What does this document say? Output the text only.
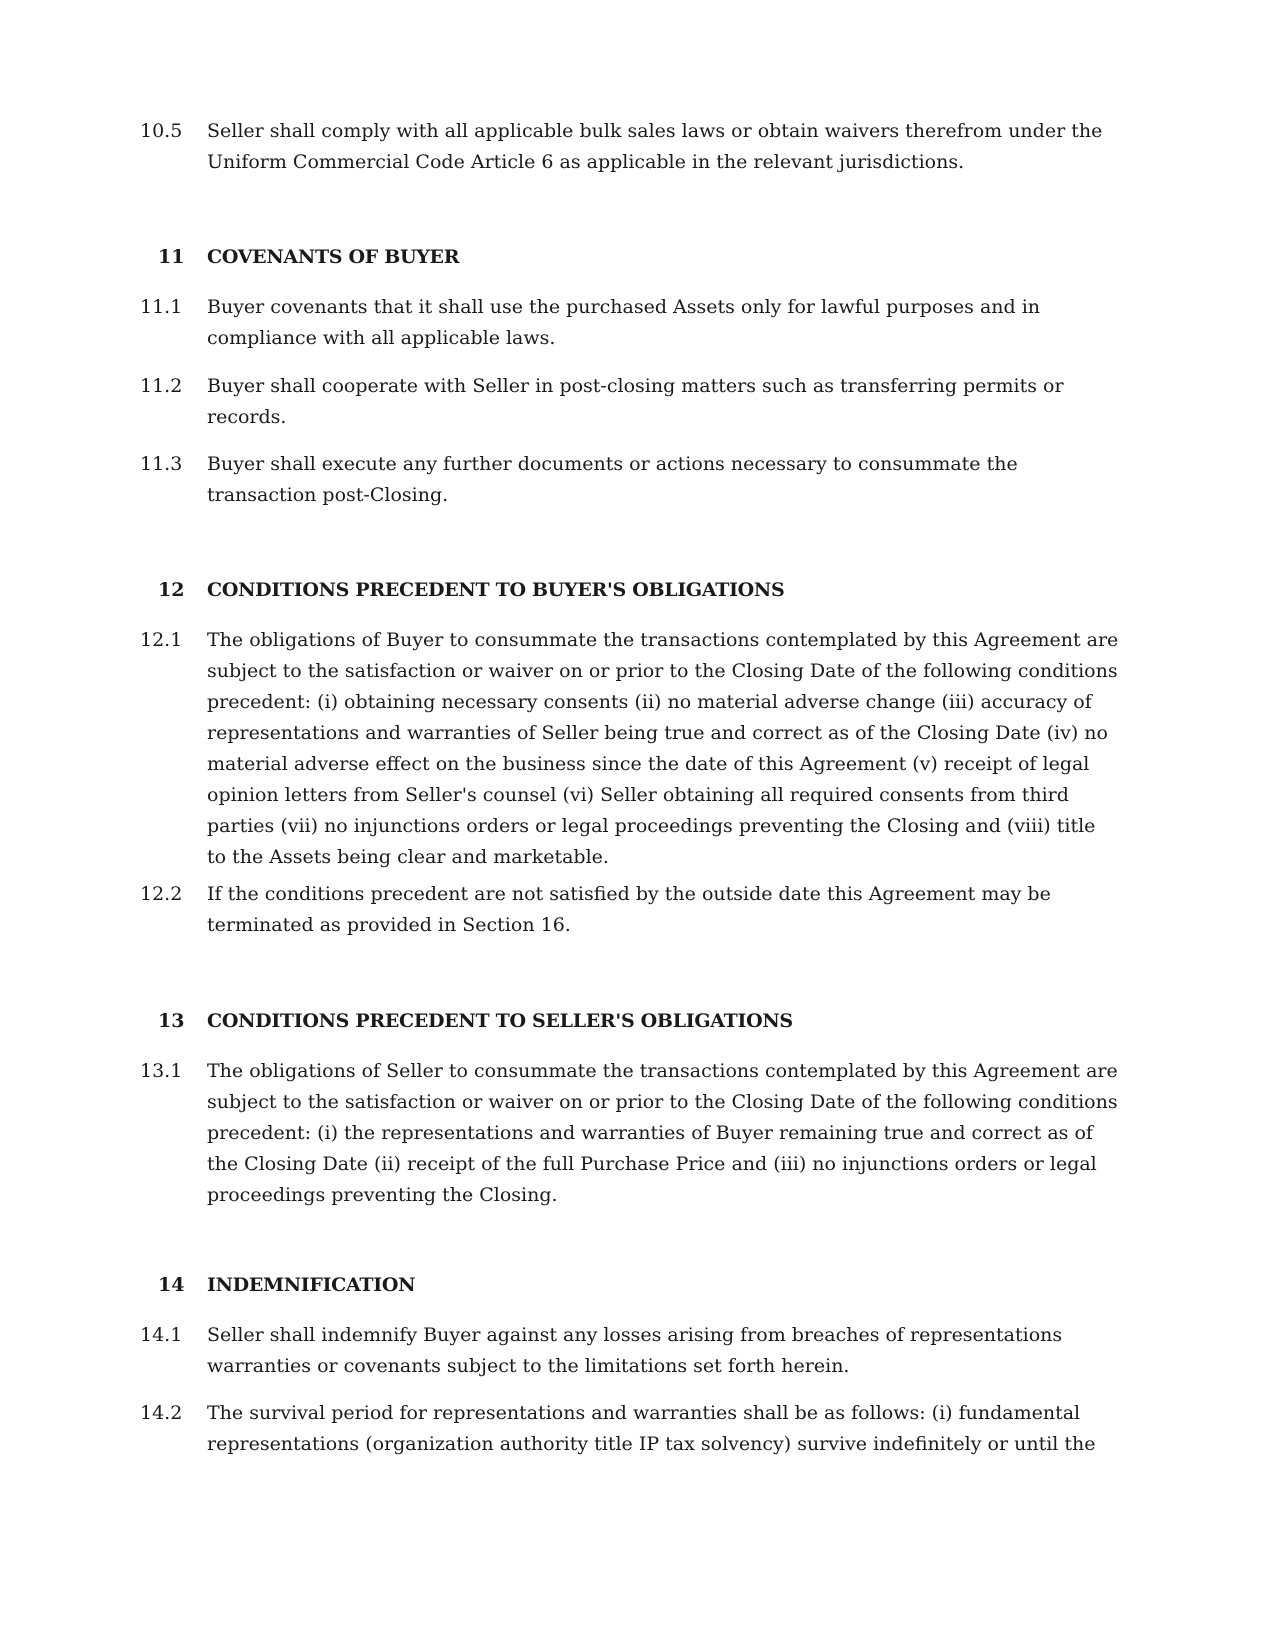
10.5 Seller shall comply with all applicable bulk sales laws or obtain waivers therefrom under the
Uniform Commercial Code Article 6 as applicable in the relevant jurisdictions.
11 COVENANTS OF BUYER
11.1 Buyer covenants that it shall use the purchased Assets only for lawful purposes and in
compliance with all applicable laws.
11.2 Buyer shall cooperate with Seller in post-closing matters such as transferring permits or
records.
11.3 Buyer shall execute any further documents or actions necessary to consummate the
transaction post-Closing.
12 CONDITIONS PRECEDENT TO BUYER'S OBLIGATIONS
12.1 The obligations of Buyer to consummate the transactions contemplated by this Agreement are
subject to the satisfaction or waiver on or prior to the Closing Date of the following conditions
precedent: (i) obtaining necessary consents (ii) no material adverse change (iii) accuracy of
representations and warranties of Seller being true and correct as of the Closing Date (iv) no
material adverse effect on the business since the date of this Agreement (v) receipt of legal
opinion letters from Seller's counsel (vi) Seller obtaining all required consents from third
parties (vii) no injunctions orders or legal proceedings preventing the Closing and (viii) title
to the Assets being clear and marketable.
12.2 If the conditions precedent are not satisfied by the outside date this Agreement may be
terminated as provided in Section 16.
13 CONDITIONS PRECEDENT TO SELLER'S OBLIGATIONS
13.1 The obligations of Seller to consummate the transactions contemplated by this Agreement are
subject to the satisfaction or waiver on or prior to the Closing Date of the following conditions
precedent: (i) the representations and warranties of Buyer remaining true and correct as of
the Closing Date (ii) receipt of the full Purchase Price and (iii) no injunctions orders or legal
proceedings preventing the Closing.
14 INDEMNIFICATION
14.1 Seller shall indemnify Buyer against any losses arising from breaches of representations
warranties or covenants subject to the limitations set forth herein.
14.2 The survival period for representations and warranties shall be as follows: (i) fundamental
representations (organization authority title IP tax solvency) survive indefinitely or until the
